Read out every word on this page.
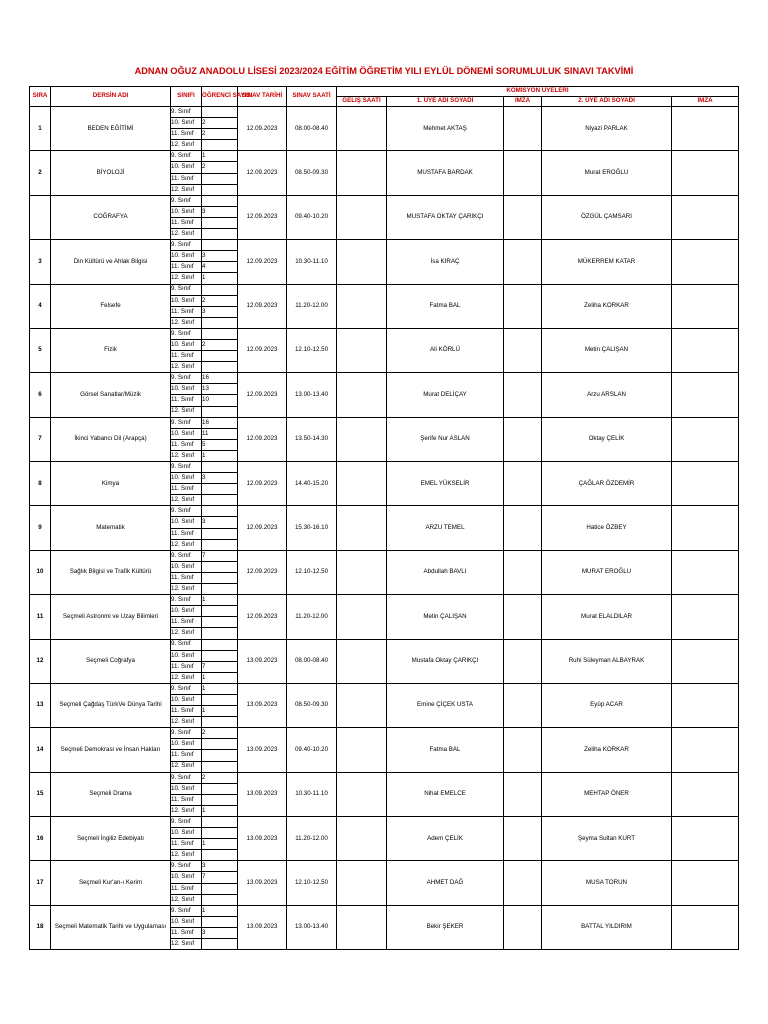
ADNAN OĞUZ ANADOLU LİSESİ 2023/2024 EĞİTİM ÖĞRETİM YILI EYLÜL DÖNEMİ SORUMLULUK SINAVI TAKVİMİ
SIRA	DERSİN ADI	SINIFI	ÖĞRENCİ SAYISI	SINAV TARİHİ	SINAV SAATİ	KOMİSYON ÜYELERİ				
						GELİŞ SAATİ	1. ÜYE ADI SOYADI	İMZA	2. ÜYE ADI SOYADI	İMZA
1	BEDEN EĞİTİMİ	9. Sınıf		12.09.2023	08.00-08.40		Mehmet AKTAŞ		Niyazi PARLAK	
		10. Sınıf	2							
		11. Sınıf	2							
		12. Sınıf								
2	BİYOLOJİ	9. Sınıf	1	12.09.2023	08.50-09.30		MUSTAFA BARDAK		Murat EROĞLU	
		10. Sınıf	2							
		11. Sınıf								
		12. Sınıf								
	COĞRAFYA	9. Sınıf		12.09.2023	09.40-10.20		MUSTAFA OKTAY ÇARIKÇI		ÖZGÜL ÇAMSARI	
		10. Sınıf	3							
		11. Sınıf								
		12. Sınıf								
3	Din Kültürü ve Ahlak Bilgisi	9. Sınıf		12.09.2023	10.30-11.10		İsa KIRAÇ		MÜKERREM KATAR	
		10. Sınıf	3							
		11. Sınıf	4							
		12. Sınıf	1							
4	Felsefe	9. Sınıf		12.09.2023	11.20-12.00		Fatma BAL		Zeliha KORKAR	
		10. Sınıf	2							
		11. Sınıf	3							
		12. Sınıf								
5	Fizik	9. Sınıf		12.09.2023	12.10-12.50		Ali KÖRLÜ		Metin ÇALIŞAN	
		10. Sınıf	2							
		11. Sınıf								
		12. Sınıf								
6	Görsel Sanatlar/Müzik	9. Sınıf	16	12.09.2023	13.00-13.40		Murat DELİÇAY		Arzu ARSLAN	
		10. Sınıf	13							
		11. Sınıf	10							
		12. Sınıf								
7	İkinci Yabancı Dil (Arapça)	9. Sınıf	16	12.09.2023	13.50-14.30		Şerife Nur ASLAN		Oktay ÇELİK	
		10. Sınıf	11							
		11. Sınıf	5							
		12. Sınıf	1							
8	Kimya	9. Sınıf		12.09.2023	14.40-15.20		EMEL YÜKSELİR		ÇAĞLAR ÖZDEMİR	
		10. Sınıf	3							
		11. Sınıf								
		12. Sınıf								
9	Matematik	9. Sınıf		12.09.2023	15.30-16.10		ARZU TEMEL		Hatice ÖZBEY	
		10. Sınıf	3							
		11. Sınıf								
		12. Sınıf								
10	Sağlık Bilgisi ve Trafik Kültürü	9. Sınıf	7	12.09.2023	12.10-12.50		Abdullah BAVLI		MURAT EROĞLU	
		10. Sınıf								
		11. Sınıf								
		12. Sınıf								
11	Seçmeli Astronmi ve Uzay Bilimleri	9. Sınıf	1	12.09.2023	11.20-12.00		Metin ÇALIŞAN		Murat ELALDILAR	
		10. Sınıf								
		11. Sınıf								
		12. Sınıf								
12	Seçmeli Coğrafya	9. Sınıf		13.09.2023	08.00-08.40		Mustafa Oktay ÇARIKÇI		Ruhi Süleyman ALBAYRAK	
		10. Sınıf								
		11. Sınıf	7							
		12. Sınıf	1							
13	Seçmeli Çağdaş TürkVe Dünya Tarihi	9. Sınıf	1	13.09.2023	08.50-09.30		Emine ÇİÇEK USTA		Eyüp ACAR	
		10. Sınıf								
		11. Sınıf	1							
		12. Sınıf								
14	Seçmeli Demokrasi ve İnsan Hakları	9. Sınıf	2	13.09.2023	09.40-10.20		Fatma BAL		Zeliha KORKAR	
		10. Sınıf								
		11. Sınıf								
		12. Sınıf								
15	Seçmeli Drama	9. Sınıf	2	13.09.2023	10.30-11.10		Nihat EMELCE		MEHTAP ÖNER	
		10. Sınıf								
		11. Sınıf								
		12. Sınıf	1							
16	Seçmeli İngiliz Edebiyatı	9. Sınıf		13.09.2023	11.20-12.00		Adem ÇELİK		Şeyma Sultan KURT	
		10. Sınıf								
		11. Sınıf	1							
		12. Sınıf								
17	Seçmeli Kur'an-ı Kerim	9. Sınıf	3	13.09.2023	12.10-12.50		AHMET DAĞ		MUSA TORUN	
		10. Sınıf	7							
		11. Sınıf								
		12. Sınıf								
18	Seçmeli Matematik Tarihi ve Uygulaması	9. Sınıf	1	13.09.2023	13.00-13.40		Bekir ŞEKER		BATTAL YILDIRIM	
		10. Sınıf								
		11. Sınıf	3							
		12. Sınıf								
